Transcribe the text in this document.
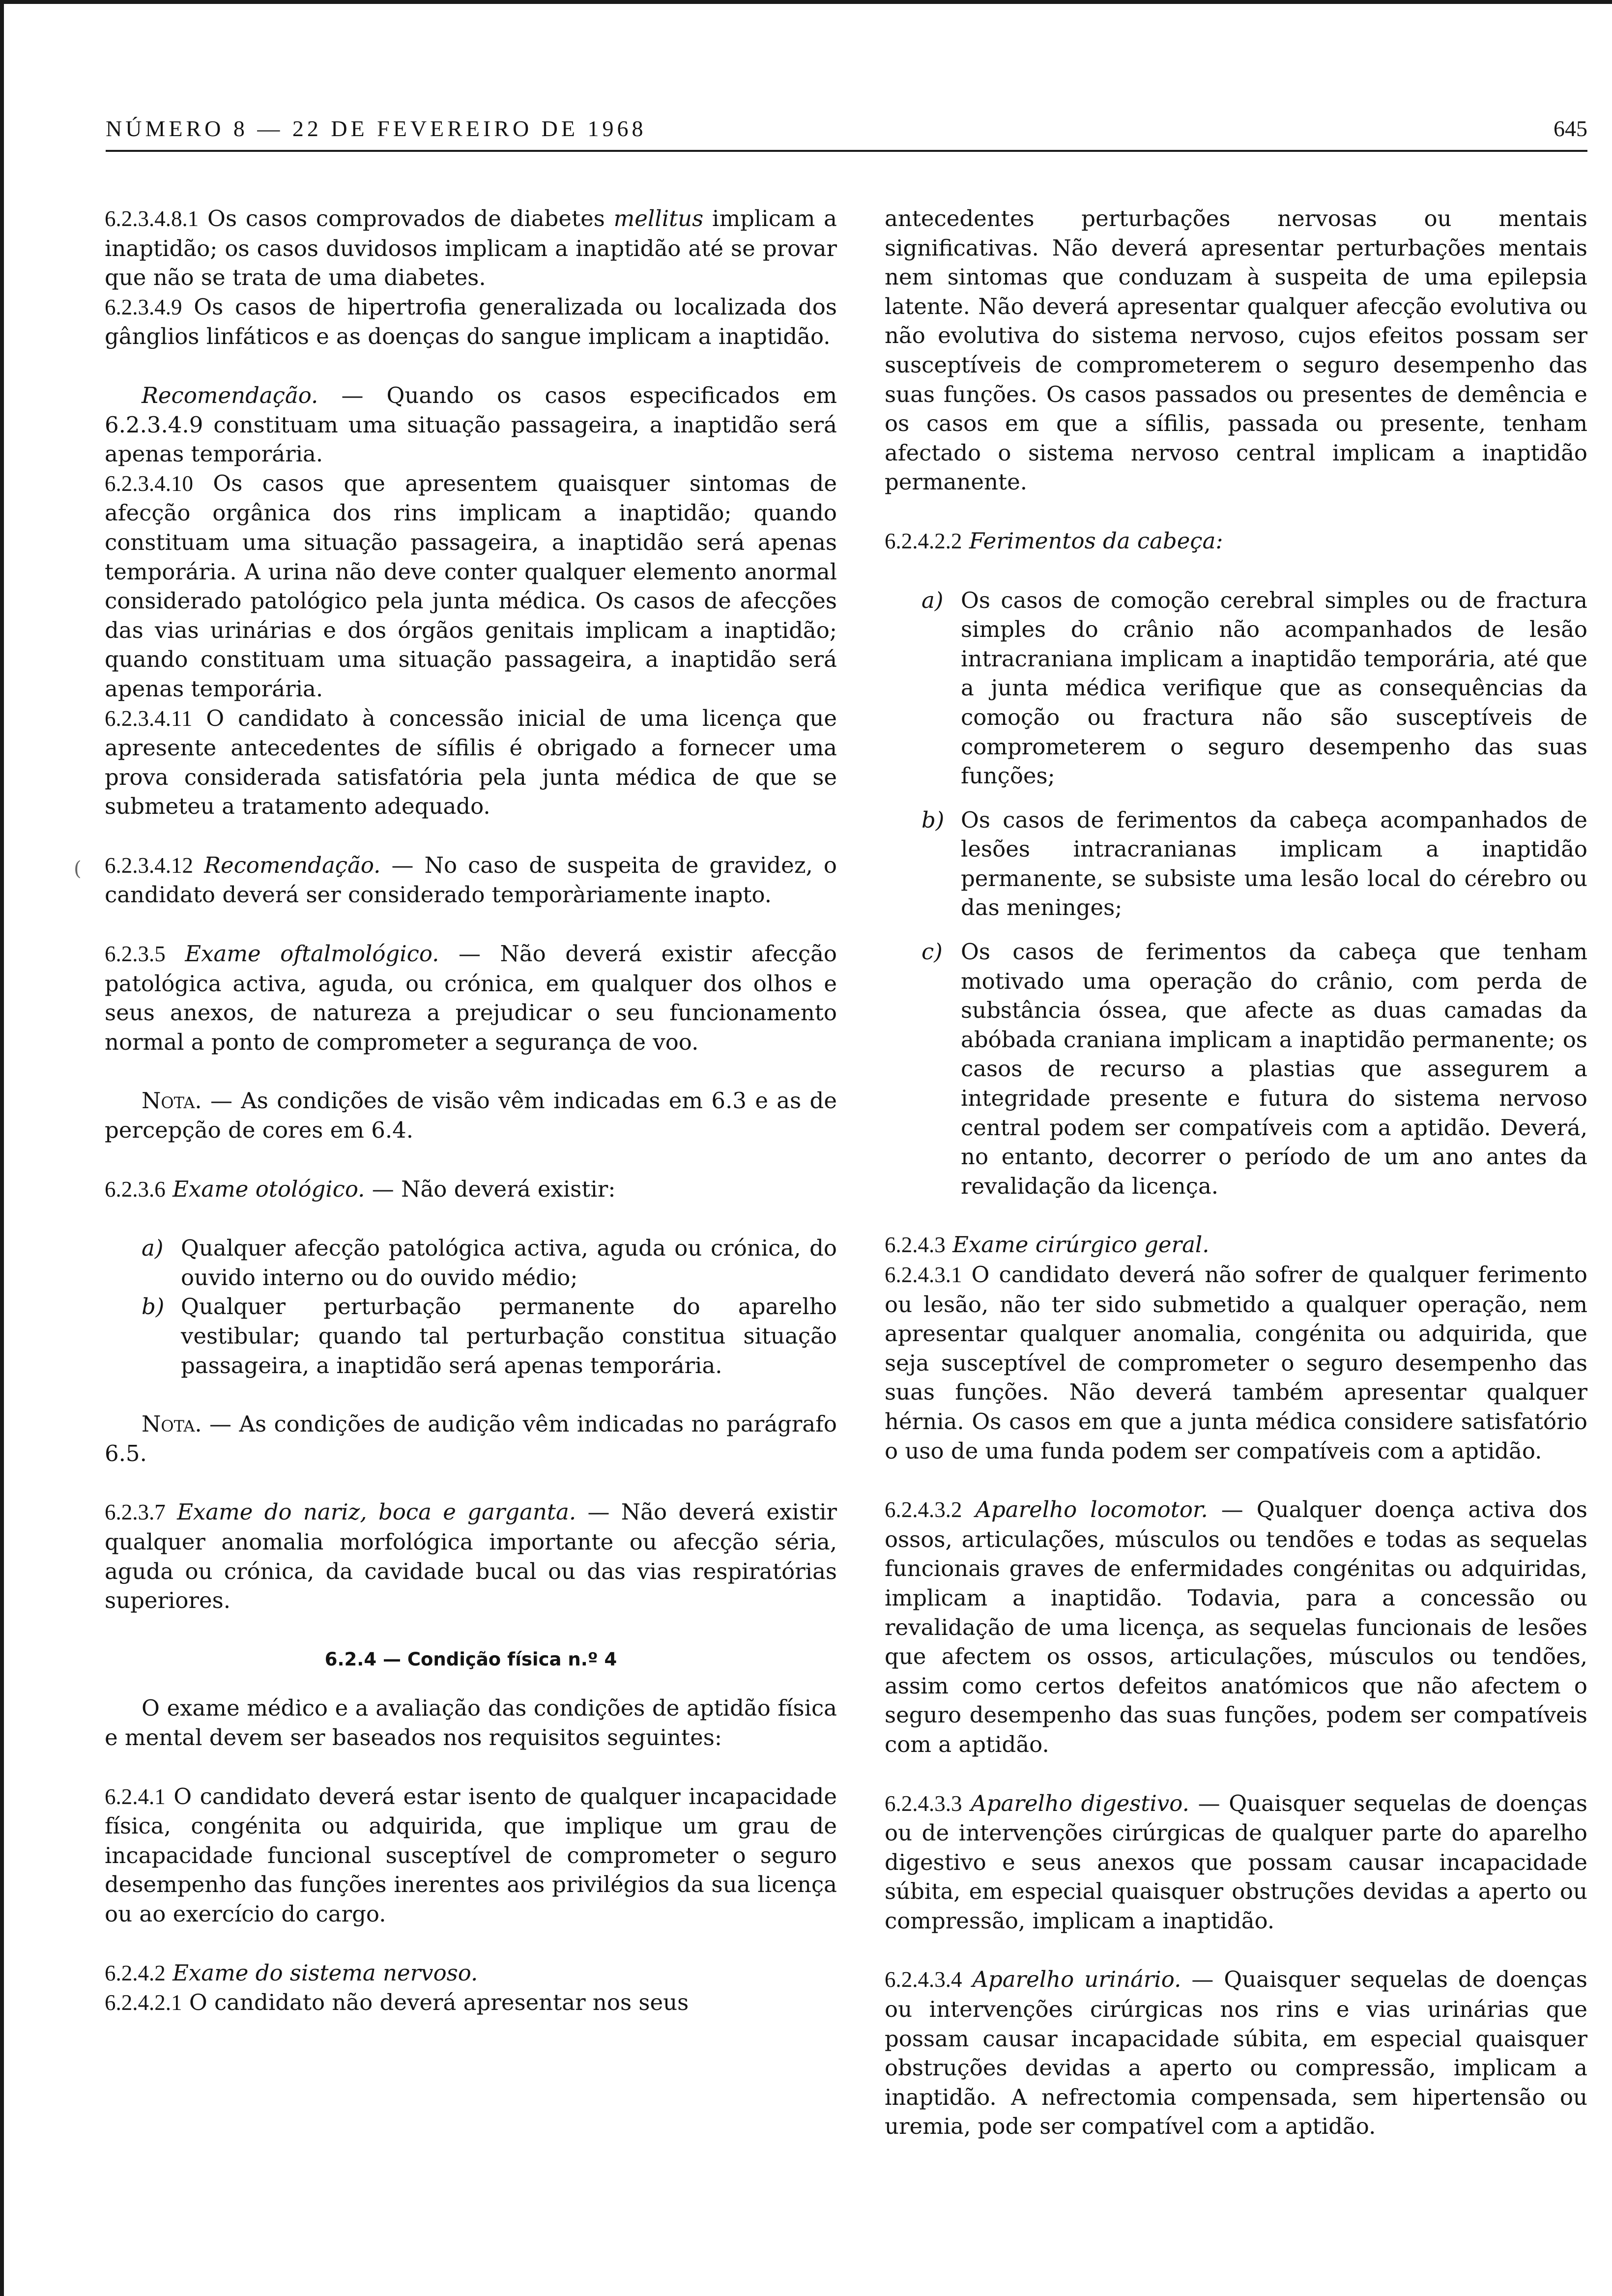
NÚMERO 8 — 22 DE FEVEREIRO DE 1968	645
(

6.2.3.4.8.1 Os casos comprovados de diabetes mellitus implicam a inaptidão; os casos duvidosos implicam a inaptidão até se provar que não se trata de uma diabetes.

6.2.3.4.9 Os casos de hipertrofia generalizada ou localizada dos gânglios linfáticos e as doenças do sangue implicam a inaptidão.

Recomendação. — Quando os casos especificados em 6.2.3.4.9 constituam uma situação passageira, a inaptidão será apenas temporária.

6.2.3.4.10 Os casos que apresentem quaisquer sintomas de afecção orgânica dos rins implicam a inaptidão; quando constituam uma situação passageira, a inaptidão será apenas temporária. A urina não deve conter qualquer elemento anormal considerado patológico pela junta médica. Os casos de afecções das vias urinárias e dos órgãos genitais implicam a inaptidão; quando constituam uma situação passageira, a inaptidão será apenas temporária.

6.2.3.4.11 O candidato à concessão inicial de uma licença que apresente antecedentes de sífilis é obrigado a fornecer uma prova considerada satisfatória pela junta médica de que se submeteu a tratamento adequado.

6.2.3.4.12 Recomendação. — No caso de suspeita de gravidez, o candidato deverá ser considerado temporàriamente inapto.

6.2.3.5 Exame oftalmológico. — Não deverá existir afecção patológica activa, aguda, ou crónica, em qualquer dos olhos e seus anexos, de natureza a prejudicar o seu funcionamento normal a ponto de comprometer a segurança de voo.

Nota. — As condições de visão vêm indicadas em 6.3 e as de percepção de cores em 6.4.

6.2.3.6 Exame otológico. — Não deverá existir:

a) Qualquer afecção patológica activa, aguda ou crónica, do ouvido interno ou do ouvido médio;

b) Qualquer perturbação permanente do aparelho vestibular; quando tal perturbação constitua situação passageira, a inaptidão será apenas temporária.

Nota. — As condições de audição vêm indicadas no parágrafo 6.5.

6.2.3.7 Exame do nariz, boca e garganta. — Não deverá existir qualquer anomalia morfológica importante ou afecção séria, aguda ou crónica, da cavidade bucal ou das vias respiratórias superiores.

6.2.4 — Condição física n.º 4

O exame médico e a avaliação das condições de aptidão física e mental devem ser baseados nos requisitos seguintes:

6.2.4.1 O candidato deverá estar isento de qualquer incapacidade física, congénita ou adquirida, que implique um grau de incapacidade funcional susceptível de comprometer o seguro desempenho das funções inerentes aos privilégios da sua licença ou ao exercício do cargo.

6.2.4.2 Exame do sistema nervoso.

6.2.4.2.1 O candidato não deverá apresentar nos seus

antecedentes perturbações nervosas ou mentais significativas. Não deverá apresentar perturbações mentais nem sintomas que conduzam à suspeita de uma epilepsia latente. Não deverá apresentar qualquer afecção evolutiva ou não evolutiva do sistema nervoso, cujos efeitos possam ser susceptíveis de comprometerem o seguro desempenho das suas funções. Os casos passados ou presentes de demência e os casos em que a sífilis, passada ou presente, tenham afectado o sistema nervoso central implicam a inaptidão permanente.

6.2.4.2.2 Ferimentos da cabeça:

a) Os casos de comoção cerebral simples ou de fractura simples do crânio não acompanhados de lesão intracraniana implicam a inaptidão temporária, até que a junta médica verifique que as consequências da comoção ou fractura não são susceptíveis de comprometerem o seguro desempenho das suas funções;

b) Os casos de ferimentos da cabeça acompanhados de lesões intracranianas implicam a inaptidão permanente, se subsiste uma lesão local do cérebro ou das meninges;

c) Os casos de ferimentos da cabeça que tenham motivado uma operação do crânio, com perda de substância óssea, que afecte as duas camadas da abóbada craniana implicam a inaptidão permanente; os casos de recurso a plastias que assegurem a integridade presente e futura do sistema nervoso central podem ser compatíveis com a aptidão. Deverá, no entanto, decorrer o período de um ano antes da revalidação da licença.

6.2.4.3 Exame cirúrgico geral.

6.2.4.3.1 O candidato deverá não sofrer de qualquer ferimento ou lesão, não ter sido submetido a qualquer operação, nem apresentar qualquer anomalia, congénita ou adquirida, que seja susceptível de comprometer o seguro desempenho das suas funções. Não deverá também apresentar qualquer hérnia. Os casos em que a junta médica considere satisfatório o uso de uma funda podem ser compatíveis com a aptidão.

6.2.4.3.2 Aparelho locomotor. — Qualquer doença activa dos ossos, articulações, músculos ou tendões e todas as sequelas funcionais graves de enfermidades congénitas ou adquiridas, implicam a inaptidão. Todavia, para a concessão ou revalidação de uma licença, as sequelas funcionais de lesões que afectem os ossos, articulações, músculos ou tendões, assim como certos defeitos anatómicos que não afectem o seguro desempenho das suas funções, podem ser compatíveis com a aptidão.

6.2.4.3.3 Aparelho digestivo. — Quaisquer sequelas de doenças ou de intervenções cirúrgicas de qualquer parte do aparelho digestivo e seus anexos que possam causar incapacidade súbita, em especial quaisquer obstruções devidas a aperto ou compressão, implicam a inaptidão.

6.2.4.3.4 Aparelho urinário. — Quaisquer sequelas de doenças ou intervenções cirúrgicas nos rins e vias urinárias que possam causar incapacidade súbita, em especial quaisquer obstruções devidas a aperto ou compressão, implicam a inaptidão. A nefrectomia compensada, sem hipertensão ou uremia, pode ser compatível com a aptidão.
